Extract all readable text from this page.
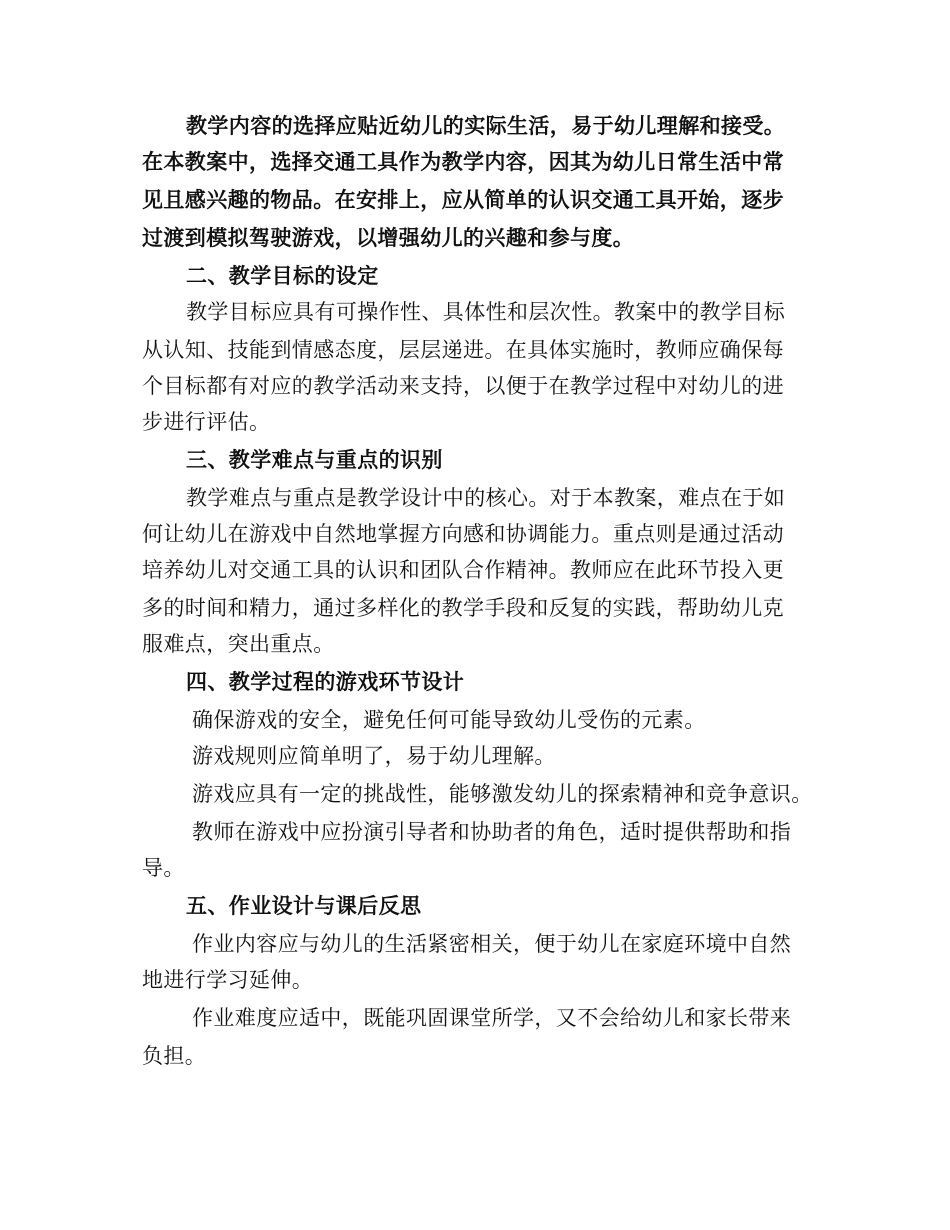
教学内容的选择应贴近幼儿的实际生活，易于幼儿理解和接受。
在本教案中，选择交通工具作为教学内容，因其为幼儿日常生活中常
见且感兴趣的物品。在安排上，应从简单的认识交通工具开始，逐步
过渡到模拟驾驶游戏，以增强幼儿的兴趣和参与度。
二、教学目标的设定
教学目标应具有可操作性、具体性和层次性。教案中的教学目标
从认知、技能到情感态度，层层递进。在具体实施时，教师应确保每
个目标都有对应的教学活动来支持，以便于在教学过程中对幼儿的进
步进行评估。
三、教学难点与重点的识别
教学难点与重点是教学设计中的核心。对于本教案，难点在于如
何让幼儿在游戏中自然地掌握方向感和协调能力。重点则是通过活动
培养幼儿对交通工具的认识和团队合作精神。教师应在此环节投入更
多的时间和精力，通过多样化的教学手段和反复的实践，帮助幼儿克
服难点，突出重点。
四、教学过程的游戏环节设计
确保游戏的安全，避免任何可能导致幼儿受伤的元素。
游戏规则应简单明了，易于幼儿理解。
游戏应具有一定的挑战性，能够激发幼儿的探索精神和竞争意识。
教师在游戏中应扮演引导者和协助者的角色，适时提供帮助和指
导。
五、作业设计与课后反思
作业内容应与幼儿的生活紧密相关，便于幼儿在家庭环境中自然
地进行学习延伸。
作业难度应适中，既能巩固课堂所学，又不会给幼儿和家长带来
负担。
